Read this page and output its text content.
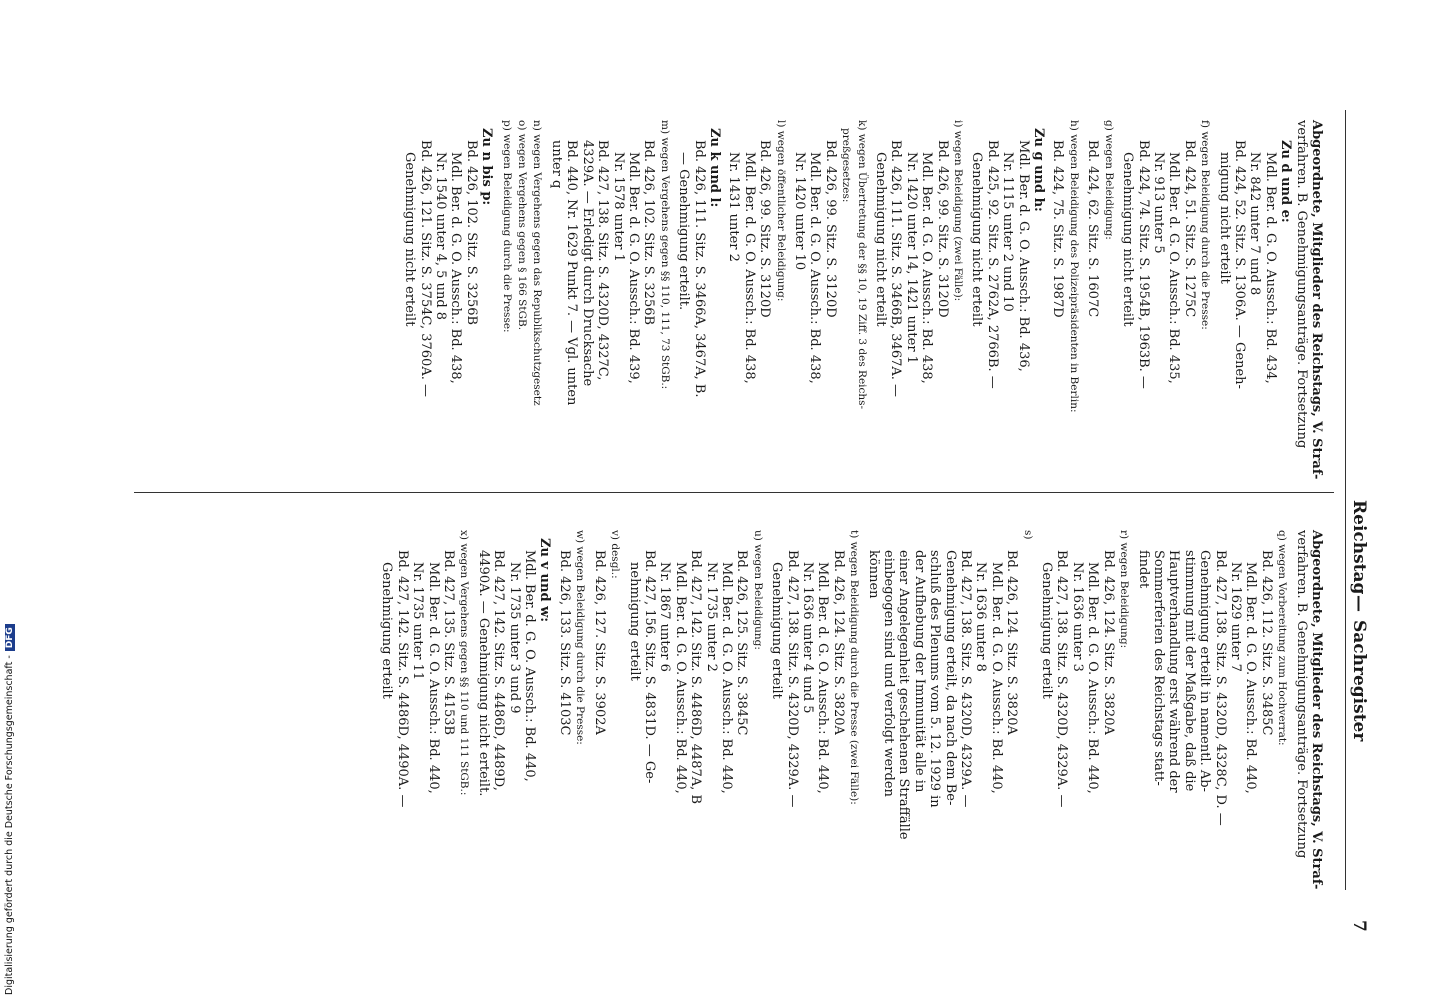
Reichstag
—
Sachregister
7
Abgeordnete, Mitglieder des Reichstags, V. Straf-
verfahren. B. Genehmigungsanträge. Fortsetzung
Zu d und e:
Mdl. Ber. d. G. O. Aussch.: Bd. 434,
Nr. 842 unter 7 und 8
Bd. 424, 52. Sitz. S. 1306A. — Geneh-
migung nicht erteilt
f) wegen Beleidigung durch die Presse:
Bd. 424, 51. Sitz. S. 1275C
Mdl. Ber. d. G. O. Aussch.: Bd. 435,
Nr. 913 unter 5
Bd. 424, 74. Sitz. S. 1954B, 1963B. —
Genehmigung nicht erteilt
g) wegen Beleidigung:
Bd. 424, 62. Sitz. S. 1607C
h) wegen Beleidigung des Polizeipräsidenten in Berlin:
Bd. 424, 75. Sitz. S. 1987D
Zu g und h:
Mdl. Ber. d. G. O. Aussch.: Bd. 436,
Nr. 1115 unter 2 und 10
Bd. 425, 92. Sitz. S. 2762A, 2766B. —
Genehmigung nicht erteilt
i) wegen Beleidigung (zwei Fälle):
Bd. 426, 99. Sitz. S. 3120D
Mdl. Ber. d. G. O. Aussch.: Bd. 438,
Nr. 1420 unter 14, 1421 unter 1
Bd. 426, 111. Sitz. S. 3466B, 3467A. —
Genehmigung nicht erteilt
k) wegen Übertretung der §§ 10, 19 Ziff. 3 des Reichs-
preßgesetzes:
Bd. 426, 99. Sitz. S. 3120D
Mdl. Ber. d. G. O. Aussch.: Bd. 438,
Nr. 1420 unter 10
l) wegen öffentlicher Beleidigung:
Bd. 426, 99. Sitz. S. 3120D
Mdl. Ber. d. G. O. Aussch.: Bd. 438,
Nr. 1431 unter 2
Zu k und l:
Bd. 426, 111. Sitz. S. 3466A, 3467A, B.
— Genehmigung erteilt.
m) wegen Vergehens gegen §§ 110, 111, 73 StGB.:
Bd. 426, 102. Sitz. S. 3256B
Mdl. Ber. d. G. O. Aussch.: Bd. 439,
Nr. 1578 unter 1
Bd. 427, 138. Sitz. S. 4320D, 4327C,
4329A. — Erledigt durch Drucksache
Bd. 440, Nr. 1629 Punkt 7. — Vgl. unten
unter q
n) wegen Vergehens gegen das Republikschutzgesetz
o) wegen Vergehens gegen § 166 StGB.
p) wegen Beleidigung durch die Presse:
Zu n bis p:
Bd. 426, 102. Sitz. S. 3256B
Mdl. Ber. d. G. O. Aussch.: Bd. 438,
Nr. 1540 unter 4, 5 und 8
Bd. 426, 121. Sitz. S. 3754C, 3760A. —
Genehmigung nicht erteilt
Abgeordnete, Mitglieder des Reichstags, V. Straf-
verfahren. B. Genehmigungsanträge. Fortsetzung
q) wegen Vorbereitung zum Hochverrat:
Bd. 426, 112. Sitz. S. 3485C
Mdl. Ber. d. G. O. Aussch.: Bd. 440,
Nr. 1629 unter 7
Bd. 427, 138. Sitz. S. 4320D, 4328C, D. —
Genehmigung erteilt in namentl. Ab-
stimmung mit der Maßgabe, daß die
Hauptverhandlung erst während der
Sommerferien des Reichstags statt-
findet
r) wegen Beleidigung:
Bd. 426, 124. Sitz. S. 3820A
Mdl. Ber. d. G. O. Aussch.: Bd. 440,
Nr. 1636 unter 3
Bd. 427, 138. Sitz. S. 4320D, 4329A. —
Genehmigung erteilt
s)
Bd. 426, 124. Sitz. S. 3820A
Mdl. Ber. d. G. O. Aussch.: Bd. 440,
Nr. 1636 unter 8
Bd. 427, 138. Sitz. S. 4320D, 4329A. —
Genehmigung erteilt, da nach dem Be-
schluß des Plenums vom 5. 12. 1929 in
der Aufhebung der Immunität alle in
einer Angelegenheit geschehenen Straffälle
einbegogen sind und verfolgt werden
können
t) wegen Beleidigung durch die Presse (zwei Fälle):
Bd. 426, 124. Sitz. S. 3820A
Mdl. Ber. d. G. O. Aussch.: Bd. 440,
Nr. 1636 unter 4 und 5
Bd. 427, 138. Sitz. S. 4320D, 4329A. —
Genehmigung erteilt
u) wegen Beleidigung:
Bd. 426, 125. Sitz. S. 3845C
Mdl. Ber. d. G. O. Aussch.: Bd. 440,
Nr. 1735 unter 2
Bd. 427, 142. Sitz. S. 4486D, 4487A, B
Mdl. Ber. d. G. O. Aussch.: Bd. 440,
Nr. 1867 unter 6
Bd. 427, 156. Sitz. S. 4831D. — Ge-
nehmigung erteilt
v) desgl.:
Bd. 426, 127. Sitz. S. 3902A
w) wegen Beleidigung durch die Presse:
Bd. 426, 133. Sitz. S. 4103C
Zu v und w:
Mdl. Ber. d. G. O. Aussch.: Bd. 440,
Nr. 1735 unter 3 und 9
Bd. 427, 142. Sitz. S. 4486D, 4489D,
4490A. — Genehmigung nicht erteilt.
x) wegen Vergehens gegen §§ 110 und 111 StGB.:
Bd. 427, 135. Sitz. S. 4153B
Mdl. Ber. d. G. O. Aussch.: Bd. 440,
Nr. 1735 unter 11
Bd. 427, 142. Sitz. S. 4486D, 4490A. —
Genehmigung erteilt
Digitalisierung gefördert durch die Deutsche Forschungsgemeinschaft -DFG
